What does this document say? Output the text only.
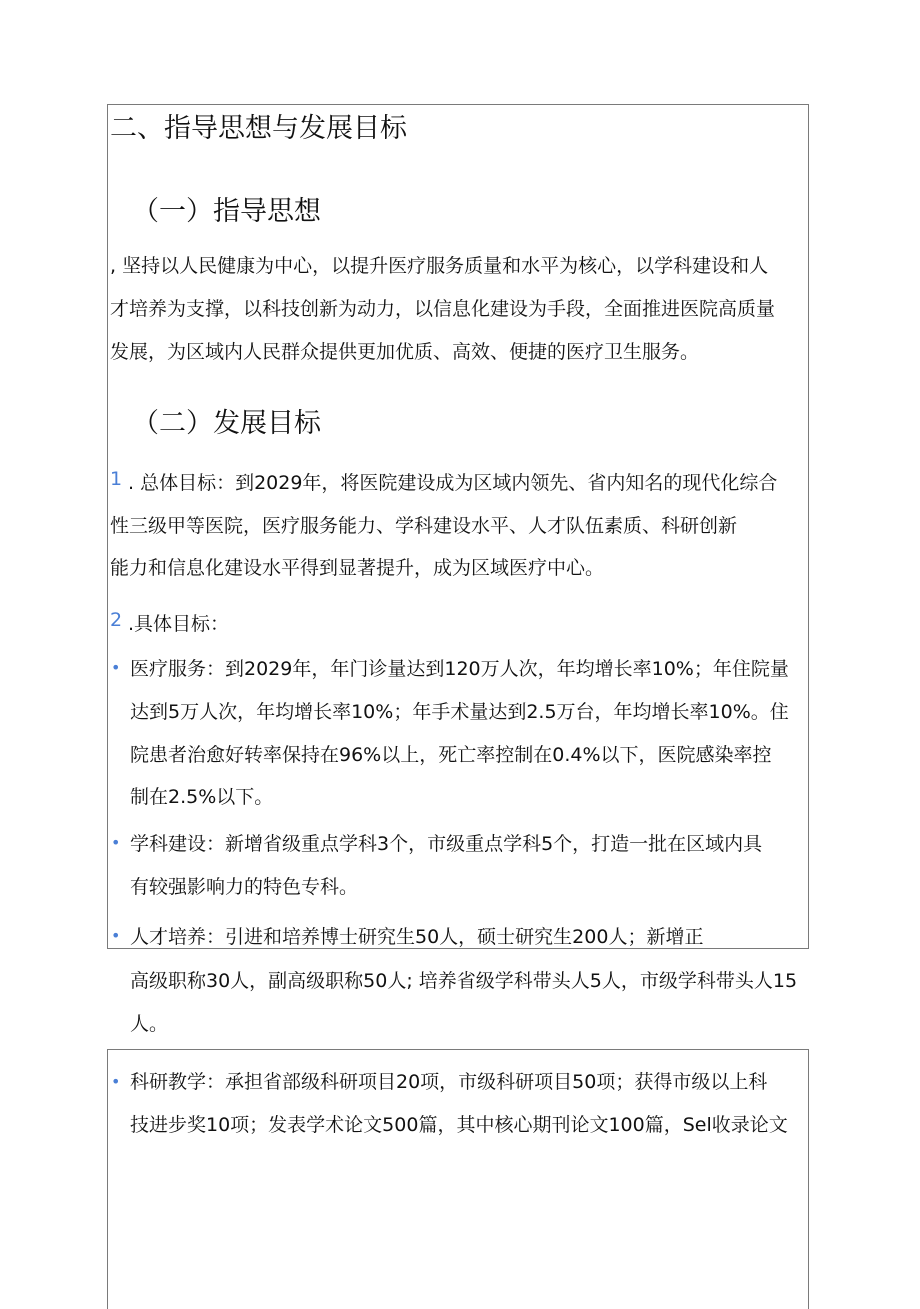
二、指导思想与发展目标
（一）指导思想
, 坚持以人民健康为中心，以提升医疗服务质量和水平为核心，以学科建设和人
才培养为支撑，以科技创新为动力，以信息化建设为手段，全面推进医院高质量
发展，为区域内人民群众提供更加优质、高效、便捷的医疗卫生服务。
（二）发展目标
1 . 总体目标：到2029年，将医院建设成为区域内领先、省内知名的现代化综合
性三级甲等医院，医疗服务能力、学科建设水平、人才队伍素质、科研创新
能力和信息化建设水平得到显著提升，成为区域医疗中心。
2 .具体目标：
• 医疗服务：到2029年，年门诊量达到120万人次，年均增长率10%；年住院量
达到5万人次，年均增长率10%；年手术量达到2.5万台，年均增长率10%。住
院患者治愈好转率保持在96%以上，死亡率控制在0.4%以下，医院感染率控
制在2.5%以下。
• 学科建设：新增省级重点学科3个，市级重点学科5个，打造一批在区域内具
有较强影响力的特色专科。
• 人才培养：引进和培养博士研究生50人，硕士研究生200人；新增正
高级职称30人，副高级职称50人; 培养省级学科带头人5人，市级学科带头人15
人。
• 科研教学：承担省部级科研项目20项，市级科研项目50项；获得市级以上科
技进步奖10项；发表学术论文500篇，其中核心期刊论文100篇，Sel收录论文
